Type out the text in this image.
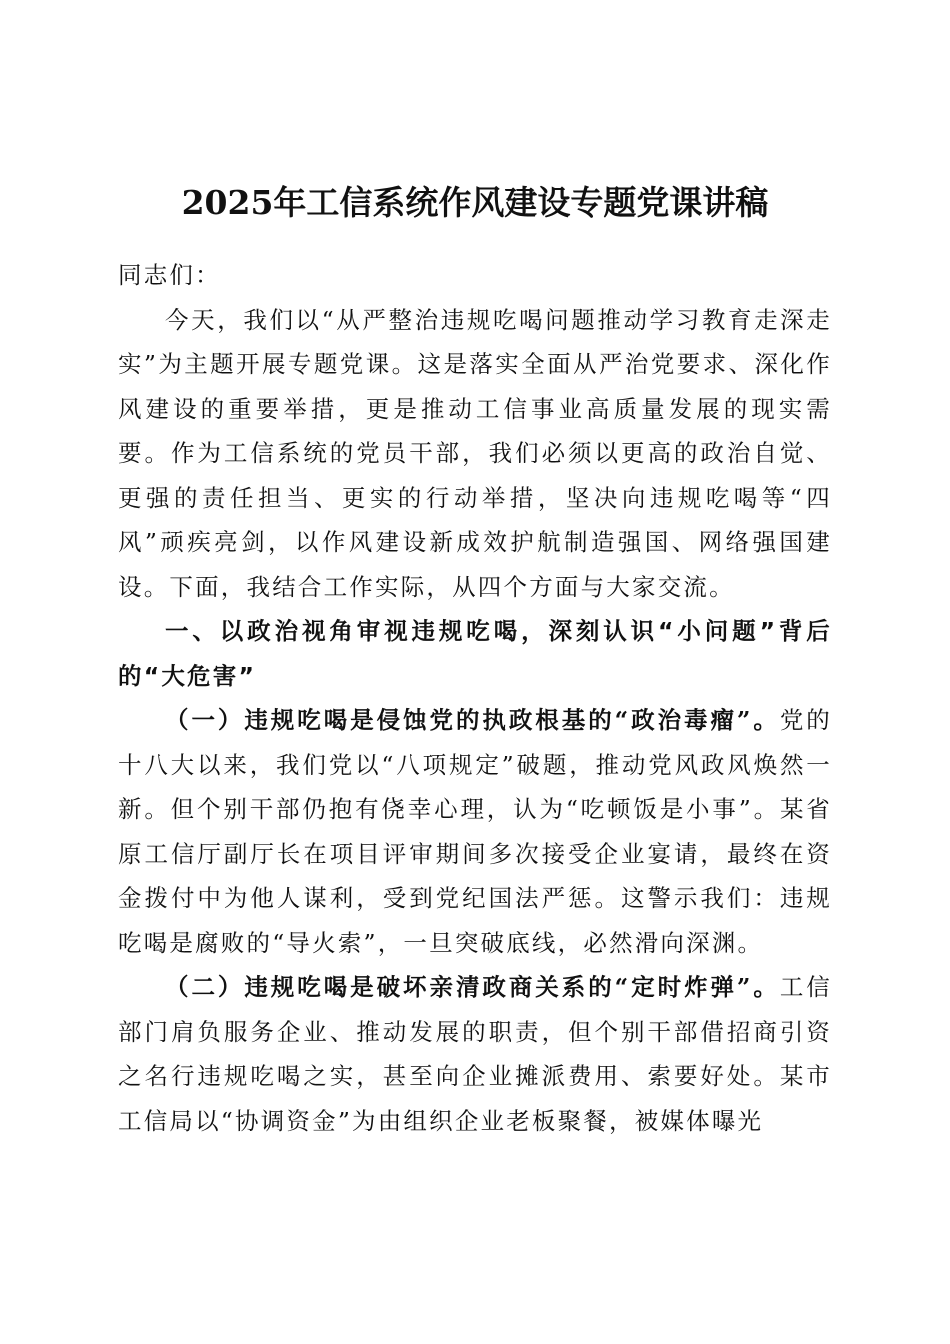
2025年工信系统作风建设专题党课讲稿

同志们：

今天，我们以“从严整治违规吃喝问题推动学习教育走深走实”为主题开展专题党课。这是落实全面从严治党要求、深化作风建设的重要举措，更是推动工信事业高质量发展的现实需要。作为工信系统的党员干部，我们必须以更高的政治自觉、更强的责任担当、更实的行动举措，坚决向违规吃喝等“四风”顽疾亮剑，以作风建设新成效护航制造强国、网络强国建设。下面，我结合工作实际，从四个方面与大家交流。

一、以政治视角审视违规吃喝，深刻认识“小问题”背后的“大危害”

（一）违规吃喝是侵蚀党的执政根基的“政治毒瘤”。党的十八大以来，我们党以“八项规定”破题，推动党风政风焕然一新。但个别干部仍抱有侥幸心理，认为“吃顿饭是小事”。某省原工信厅副厅长在项目评审期间多次接受企业宴请，最终在资金拨付中为他人谋利，受到党纪国法严惩。这警示我们：违规吃喝是腐败的“导火索”，一旦突破底线，必然滑向深渊。

（二）违规吃喝是破坏亲清政商关系的“定时炸弹”。工信部门肩负服务企业、推动发展的职责，但个别干部借招商引资之名行违规吃喝之实，甚至向企业摊派费用、索要好处。某市工信局以“协调资金”为由组织企业老板聚餐，被媒体曝光
